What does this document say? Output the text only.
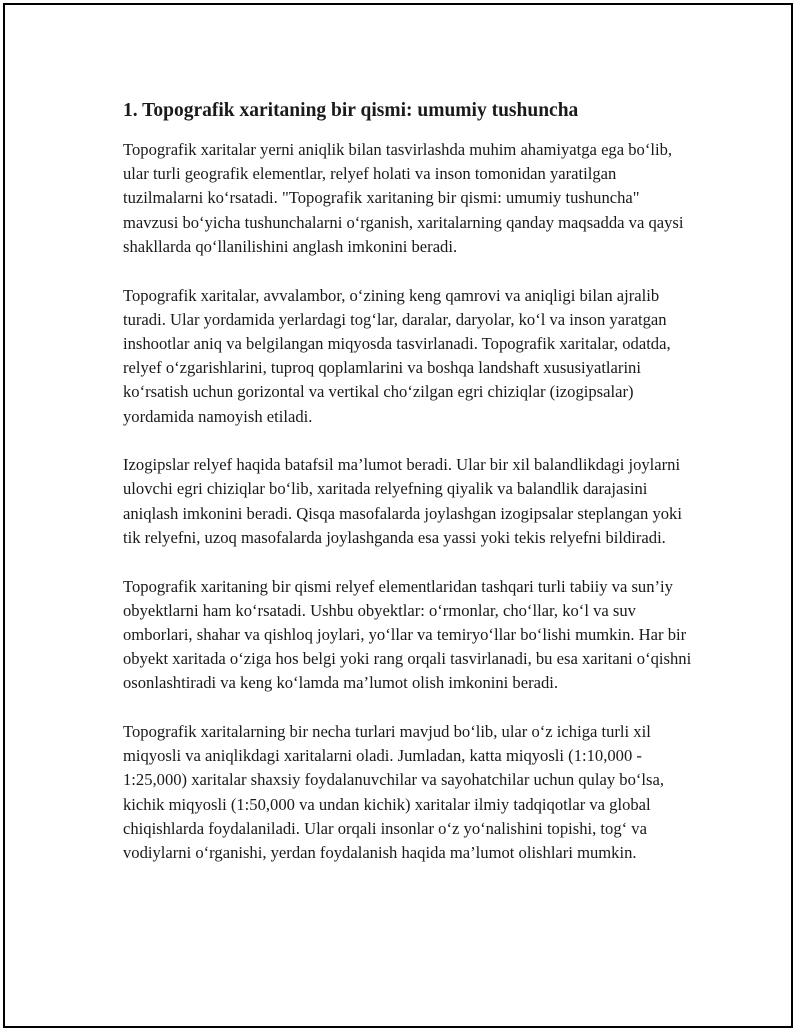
1. Topografik xaritaning bir qismi: umumiy tushuncha

Topografik xaritalar yerni aniqlik bilan tasvirlashda muhim ahamiyatga ega bo‘lib, ular turli geografik elementlar, relyef holati va inson tomonidan yaratilgan tuzilmalarni ko‘rsatadi. "Topografik xaritaning bir qismi: umumiy tushuncha" mavzusi bo‘yicha tushunchalarni o‘rganish, xaritalarning qanday maqsadda va qaysi shakllarda qo‘llanilishini anglash imkonini beradi.

Topografik xaritalar, avvalambor, o‘zining keng qamrovi va aniqligi bilan ajralib turadi. Ular yordamida yerlardagi tog‘lar, daralar, daryolar, ko‘l va inson yaratgan inshootlar aniq va belgilangan miqyosda tasvirlanadi. Topografik xaritalar, odatda, relyef o‘zgarishlarini, tuproq qoplamlarini va boshqa landshaft xususiyatlarini ko‘rsatish uchun gorizontal va vertikal cho‘zilgan egri chiziqlar (izogipsalar) yordamida namoyish etiladi.

Izogipslar relyef haqida batafsil ma’lumot beradi. Ular bir xil balandlikdagi joylarni ulovchi egri chiziqlar bo‘lib, xaritada relyefning qiyalik va balandlik darajasini aniqlash imkonini beradi. Qisqa masofalarda joylashgan izogipsalar steplangan yoki tik relyefni, uzoq masofalarda joylashganda esa yassi yoki tekis relyefni bildiradi.

Topografik xaritaning bir qismi relyef elementlaridan tashqari turli tabiiy va sun’iy obyektlarni ham ko‘rsatadi. Ushbu obyektlar: o‘rmonlar, cho‘llar, ko‘l va suv omborlari, shahar va qishloq joylari, yo‘llar va temiryo‘llar bo‘lishi mumkin. Har bir obyekt xaritada o‘ziga hos belgi yoki rang orqali tasvirlanadi, bu esa xaritani o‘qishni osonlashtiradi va keng ko‘lamda ma’lumot olish imkonini beradi.

Topografik xaritalarning bir necha turlari mavjud bo‘lib, ular o‘z ichiga turli xil miqyosli va aniqlikdagi xaritalarni oladi. Jumladan, katta miqyosli (1:10,000 - 1:25,000) xaritalar shaxsiy foydalanuvchilar va sayohatchilar uchun qulay bo‘lsa, kichik miqyosli (1:50,000 va undan kichik) xaritalar ilmiy tadqiqotlar va global chiqishlarda foydalaniladi. Ular orqali insonlar o‘z yo‘nalishini topishi, tog‘ va vodiylarni o‘rganishi, yerdan foydalanish haqida ma’lumot olishlari mumkin.
